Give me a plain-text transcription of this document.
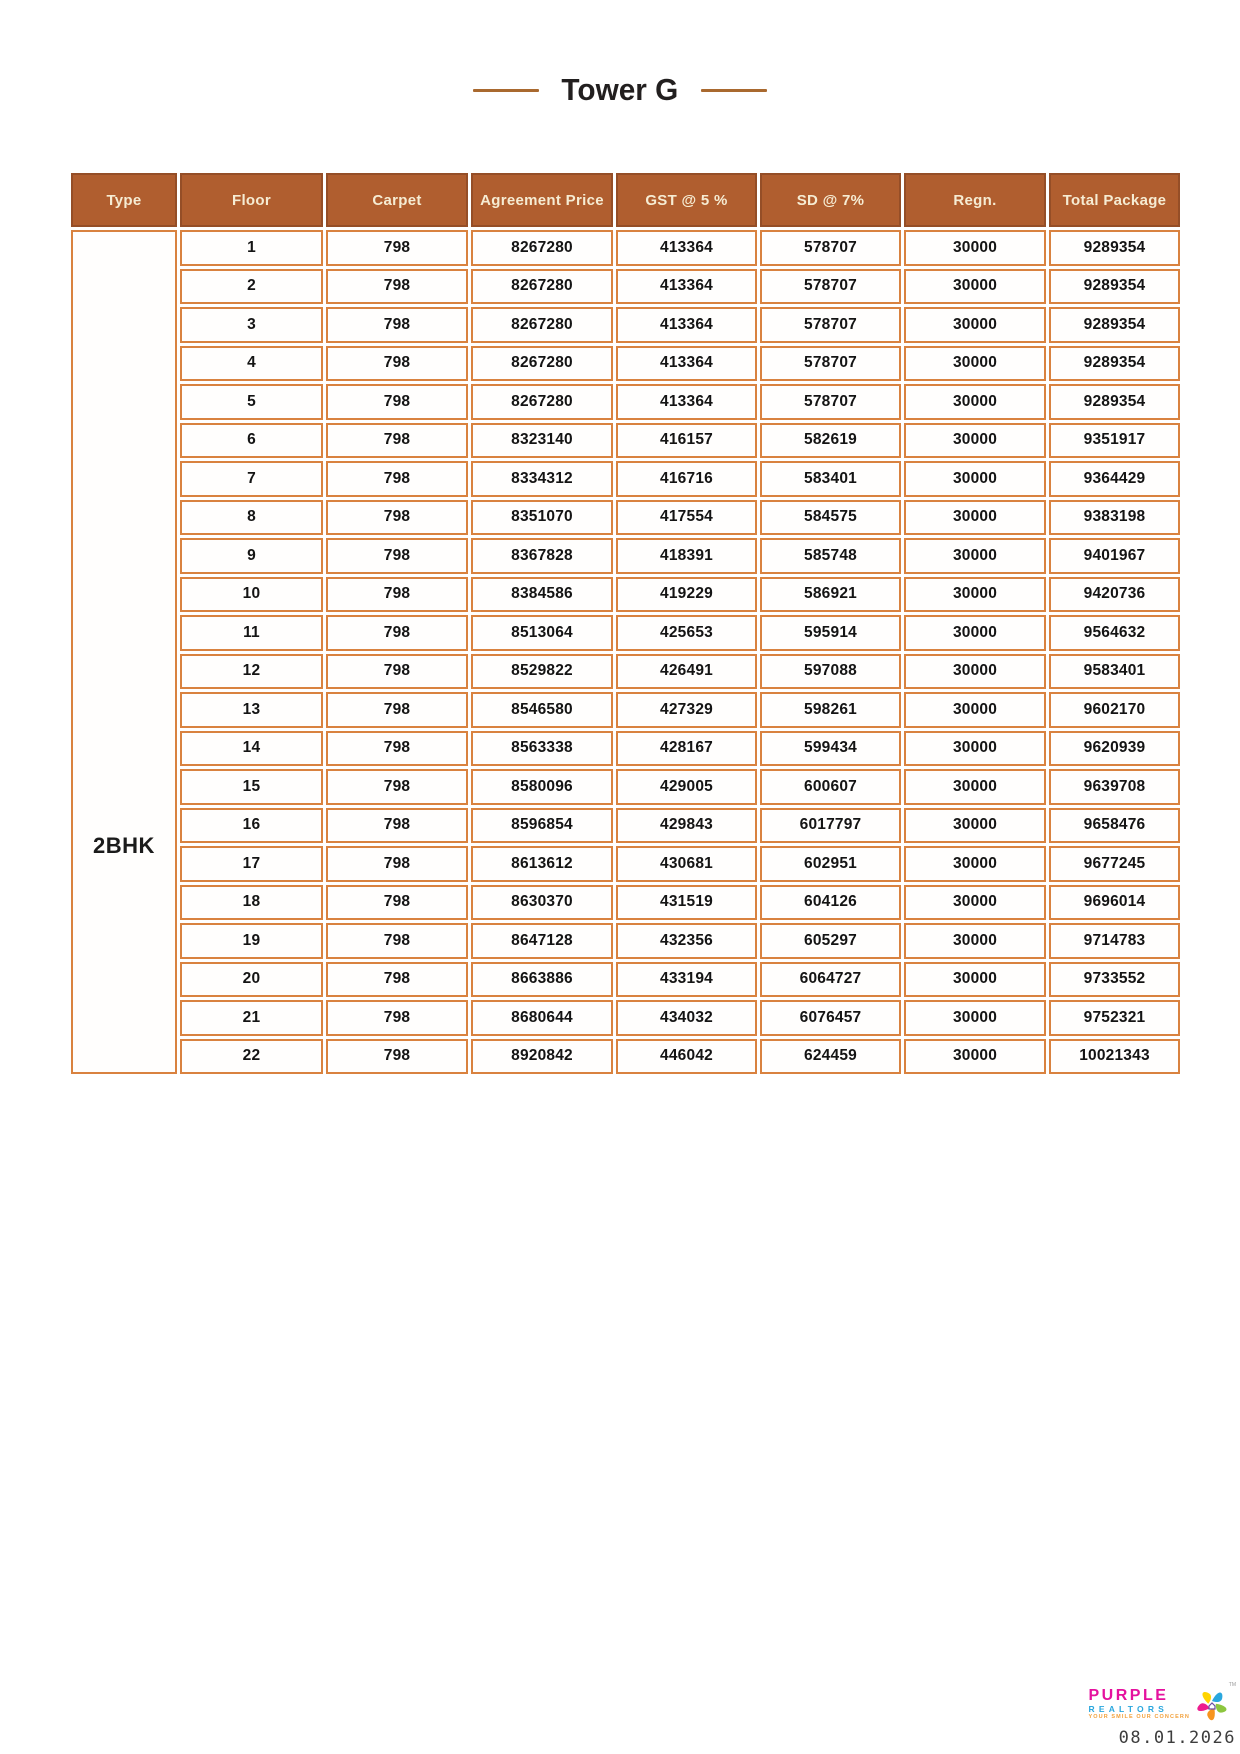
Tower G
Type	Floor	Carpet	Agreement Price	GST @ 5 %	SD @ 7%	Regn.	Total Package

2BHK	1	798	8267280	413364	578707	30000	9289354
	2	798	8267280	413364	578707	30000	9289354
	3	798	8267280	413364	578707	30000	9289354
	4	798	8267280	413364	578707	30000	9289354
	5	798	8267280	413364	578707	30000	9289354
	6	798	8323140	416157	582619	30000	9351917
	7	798	8334312	416716	583401	30000	9364429
	8	798	8351070	417554	584575	30000	9383198
	9	798	8367828	418391	585748	30000	9401967
	10	798	8384586	419229	586921	30000	9420736
	11	798	8513064	425653	595914	30000	9564632
	12	798	8529822	426491	597088	30000	9583401
	13	798	8546580	427329	598261	30000	9602170
	14	798	8563338	428167	599434	30000	9620939
	15	798	8580096	429005	600607	30000	9639708
	16	798	8596854	429843	6017797	30000	9658476
	17	798	8613612	430681	602951	30000	9677245
	18	798	8630370	431519	604126	30000	9696014
	19	798	8647128	432356	605297	30000	9714783
	20	798	8663886	433194	6064727	30000	9733552
	21	798	8680644	434032	6076457	30000	9752321
	22	798	8920842	446042	624459	30000	10021343
PURPLE
REALTORS
YOUR SMILE OUR CONCERN
TM
08.01.2026
